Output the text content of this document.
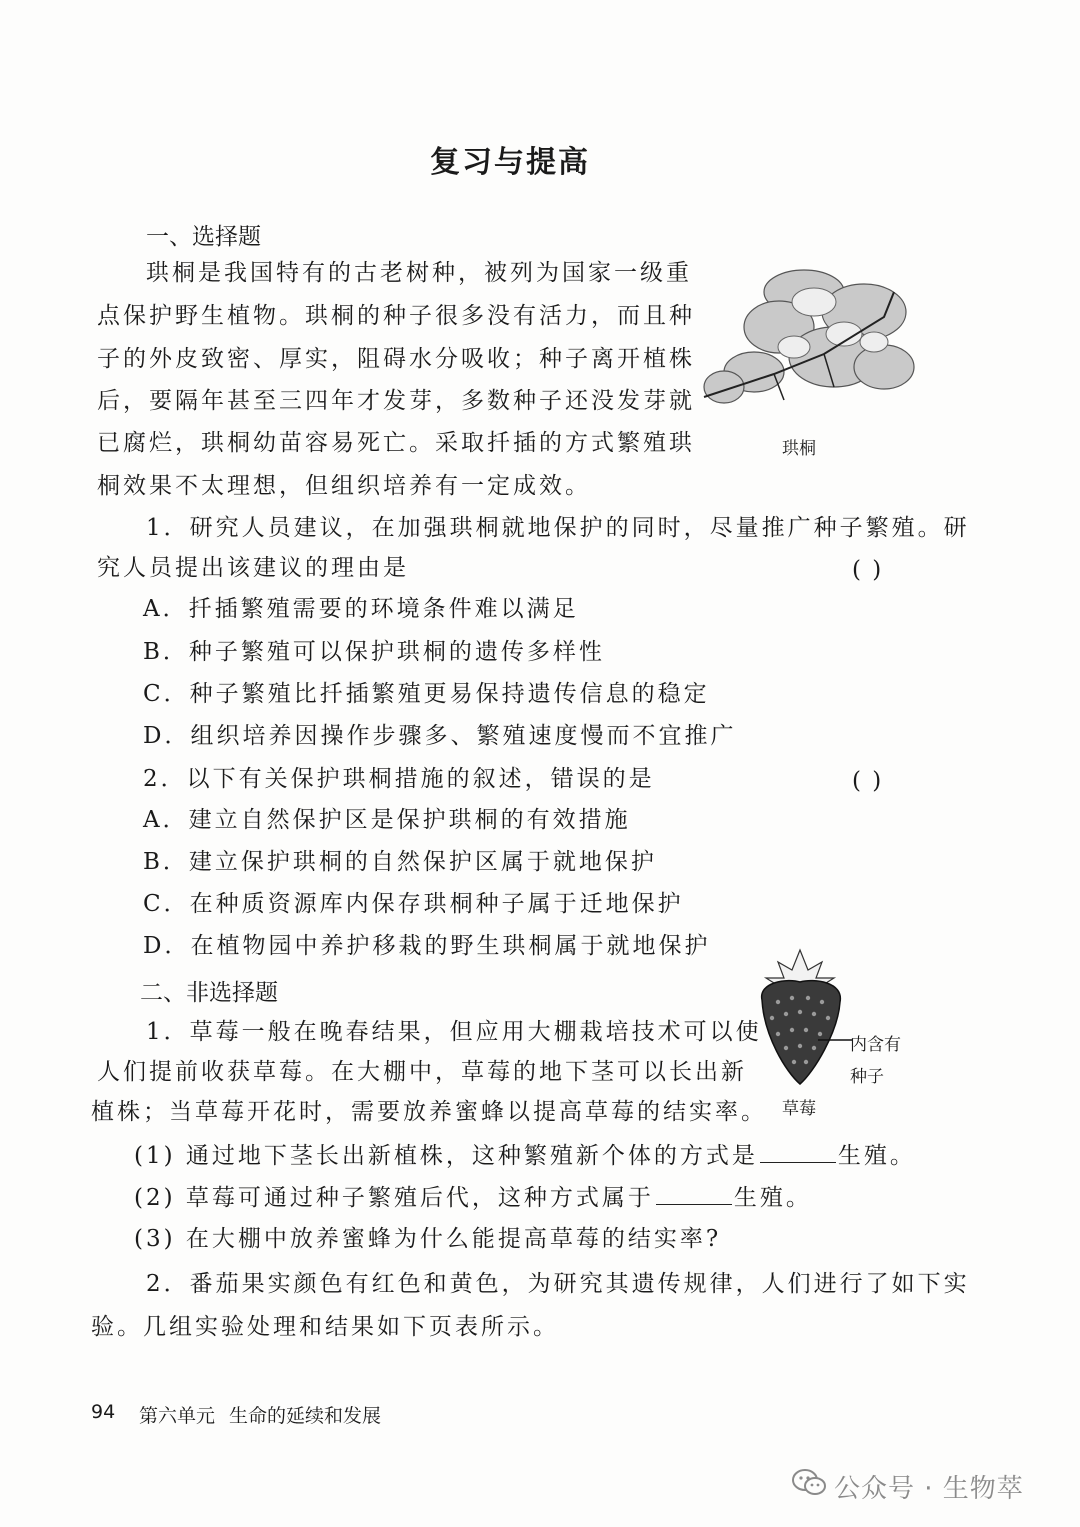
复习与提高
一、选择题
珙桐是我国特有的古老树种，被列为国家一级重
点保护野生植物。珙桐的种子很多没有活力，而且种
子的外皮致密、厚实，阻碍水分吸收；种子离开植株
后，要隔年甚至三四年才发芽，多数种子还没发芽就
已腐烂，珙桐幼苗容易死亡。采取扦插的方式繁殖珙
桐效果不太理想，但组织培养有一定成效。
珙桐
1．研究人员建议，在加强珙桐就地保护的同时，尽量推广种子繁殖。研
究人员提出该建议的理由是	( )
A．扦插繁殖需要的环境条件难以满足
B．种子繁殖可以保护珙桐的遗传多样性
C．种子繁殖比扦插繁殖更易保持遗传信息的稳定
D．组织培养因操作步骤多、繁殖速度慢而不宜推广
2．以下有关保护珙桐措施的叙述，错误的是	( )
A．建立自然保护区是保护珙桐的有效措施
B．建立保护珙桐的自然保护区属于就地保护
C．在种质资源库内保存珙桐种子属于迁地保护
D．在植物园中养护移栽的野生珙桐属于就地保护
二、非选择题
内含有
种子
草莓
1．草莓一般在晚春结果，但应用大棚栽培技术可以使
人们提前收获草莓。在大棚中，草莓的地下茎可以长出新
植株；当草莓开花时，需要放养蜜蜂以提高草莓的结实率。
(1) 通过地下茎长出新植株，这种繁殖新个体的方式是	生殖。
(2) 草莓可通过种子繁殖后代，这种方式属于	生殖。
(3) 在大棚中放养蜜蜂为什么能提高草莓的结实率?
2．番茄果实颜色有红色和黄色，为研究其遗传规律，人们进行了如下实
验。几组实验处理和结果如下页表所示。
94 第六单元 生命的延续和发展
公众号 · 生物萃
